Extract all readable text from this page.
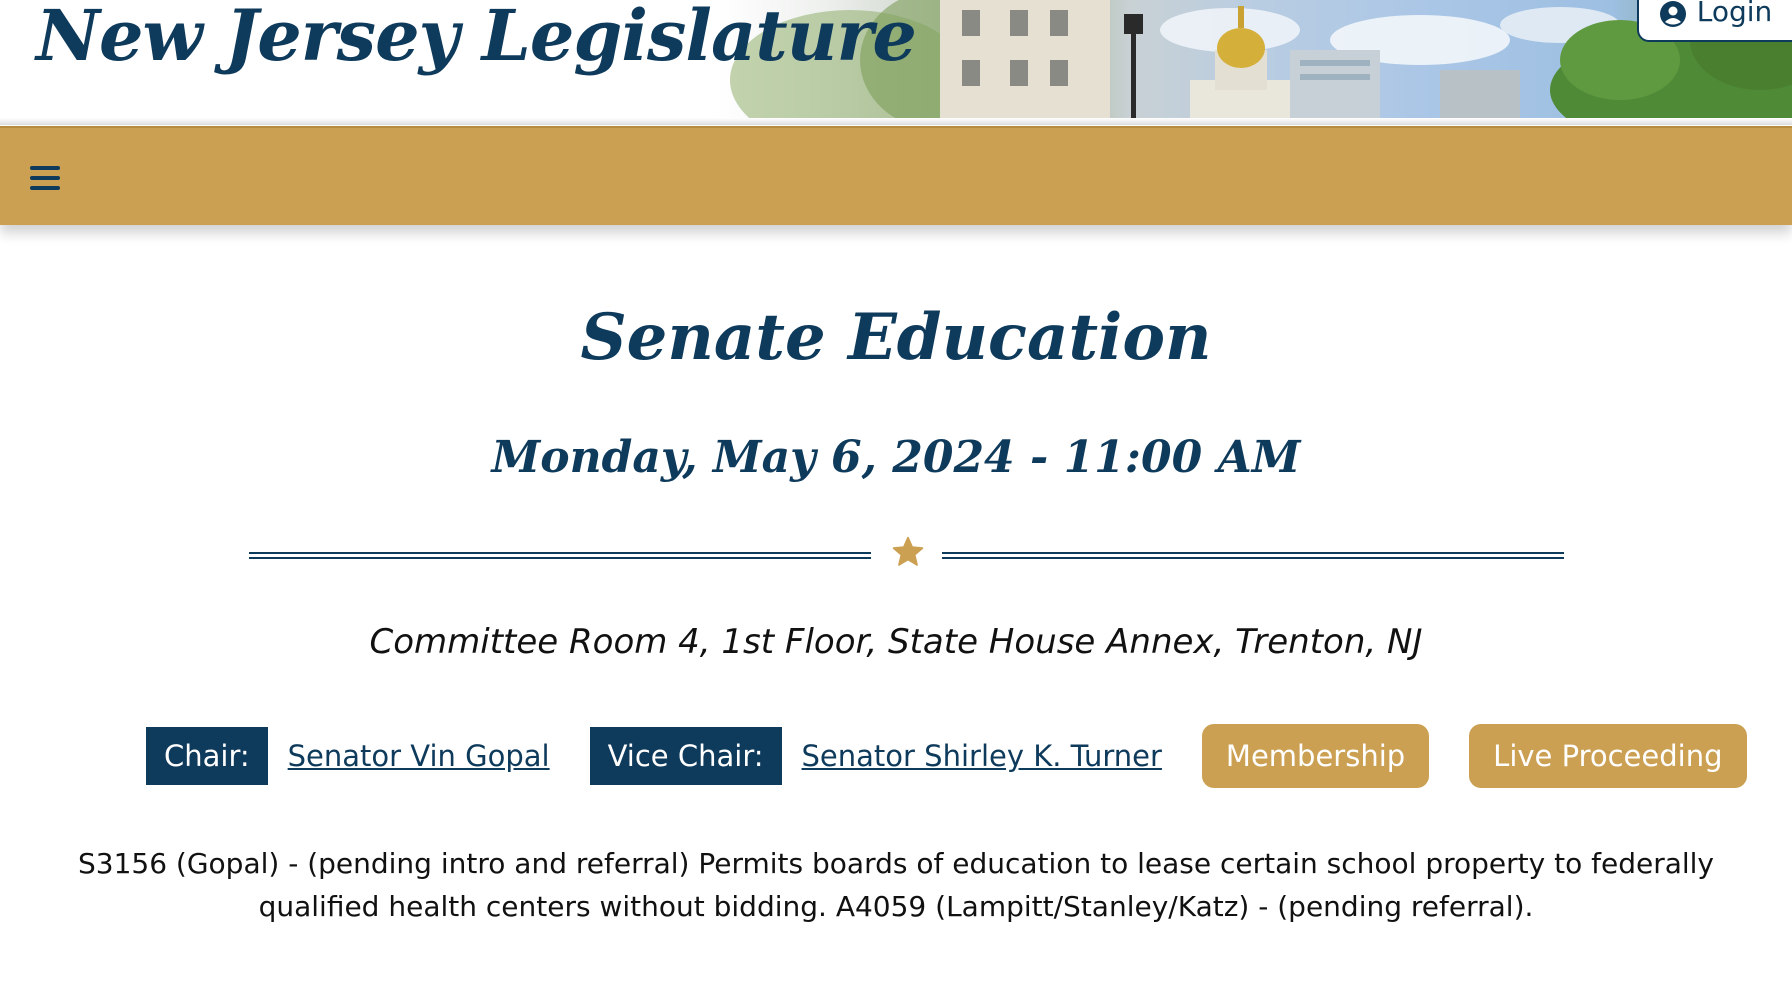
New Jersey Legislature	Login
Senate Education
Monday, May 6, 2024 - 11:00 AM

Committee Room 4, 1st Floor, State House Annex, Trenton, NJ

Chair:	Senator Vin Gopal	Vice Chair:	Senator Shirley K. Turner	Membership	Live Proceeding

S3156 (Gopal) - (pending intro and referral) Permits boards of education to lease certain school property to federally qualified health centers without bidding. A4059 (Lampitt/Stanley/Katz) - (pending referral).
